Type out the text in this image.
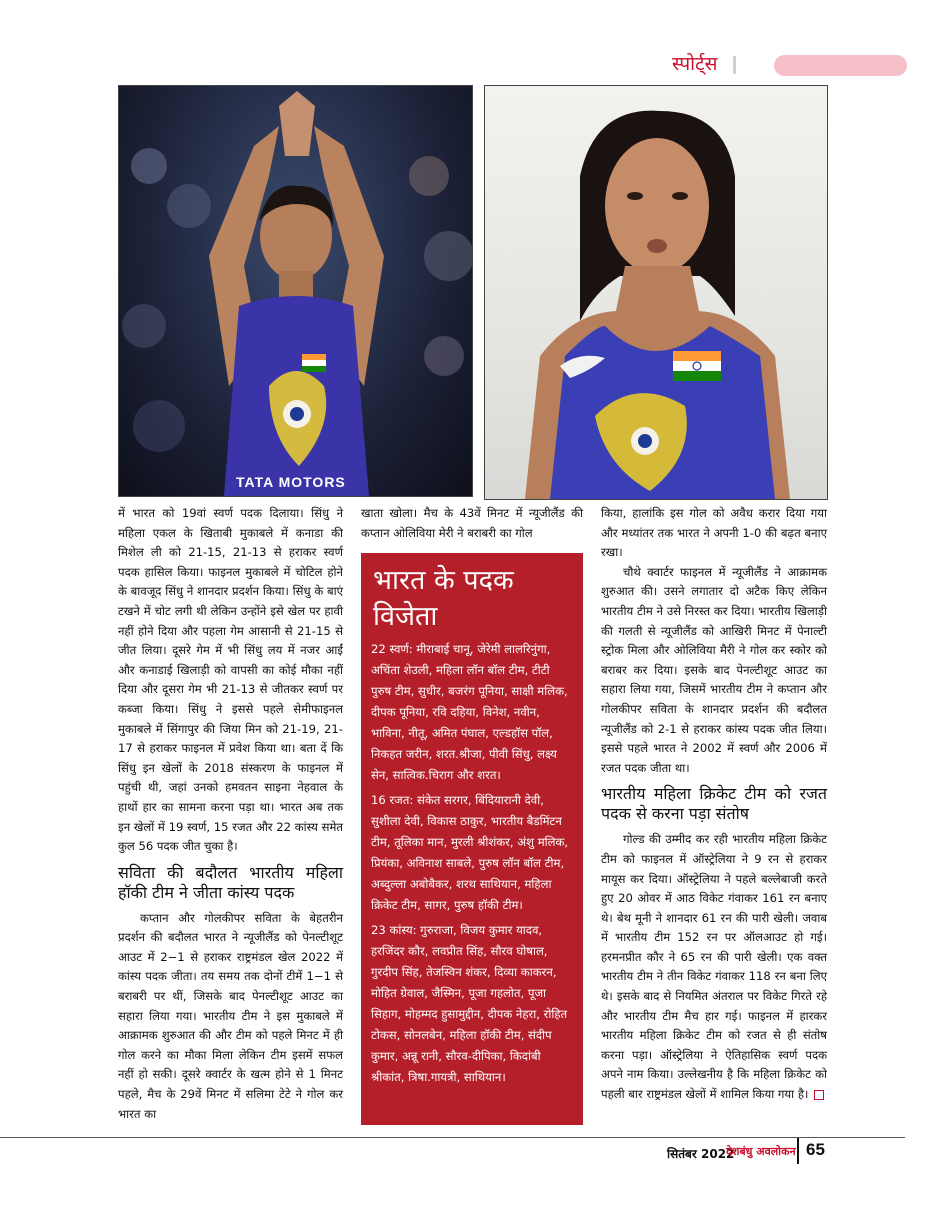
स्पोर्ट्स
TATA MOTORS

में भारत को 19वां स्वर्ण पदक दिलाया। सिंधु ने महिला एकल के खिताबी मुकाबले में कनाडा की मिशेल ली को 21-15, 21-13 से हराकर स्वर्ण पदक हासिल किया। फाइनल मुकाबले में चोटिल होने के बावजूद सिंधु ने शानदार प्रदर्शन किया। सिंधु के बाएं टखने में चोट लगी थी लेकिन उन्होंने इसे खेल पर हावी नहीं होने दिया और पहला गेम आसानी से 21-15 से जीत लिया। दूसरे गेम में भी सिंधु लय में नजर आईं और कनाडाई खिलाड़ी को वापसी का कोई मौका नहीं दिया और दूसरा गेम भी 21-13 से जीतकर स्वर्ण पर कब्जा किया। सिंधु ने इससे पहले सेमीफाइनल मुकाबले में सिंगापुर की जिया मिन को 21-19, 21-17 से हराकर फाइनल में प्रवेश किया था। बता दें कि सिंधु इन खेलों के 2018 संस्करण के फाइनल में पहुंची थी, जहां उनको हमवतन साइना नेहवाल के हाथों हार का सामना करना पड़ा था। भारत अब तक इन खेलों में 19 स्वर्ण, 15 रजत और 22 कांस्य समेत कुल 56 पदक जीत चुका है।

सविता की बदौलत भारतीय महिला हॉकी टीम ने जीता कांस्य पदक

कप्तान और गोलकीपर सविता के बेहतरीन प्रदर्शन की बदौलत भारत ने न्यूजीलैंड को पेनल्टीशूट आउट में 2−1 से हराकर राष्ट्रमंडल खेल 2022 में कांस्य पदक जीता। तय समय तक दोनों टीमें 1−1 से बराबरी पर थीं, जिसके बाद पेनल्टीशूट आउट का सहारा लिया गया। भारतीय टीम ने इस मुकाबले में आक्रामक शुरुआत की और टीम को पहले मिनट में ही गोल करने का मौका मिला लेकिन टीम इसमें सफल नहीं हो सकी। दूसरे क्वार्टर के खत्म होने से 1 मिनट पहले, मैच के 29वें मिनट में सलिमा टेटे ने गोल कर भारत का

खाता खोला। मैच के 43वें मिनट में न्यूजीलैंड की कप्तान ओलिविया मेरी ने बराबरी का गोल

भारत के पदक विजेता

22 स्वर्ण: मीराबाई चानू, जेरेमी लालरिनुंगा, अचिंता शेउली, महिला लॉन बॉल टीम, टीटी पुरुष टीम, सुधीर, बजरंग पूनिया, साक्षी मलिक, दीपक पूनिया, रवि दहिया, विनेश, नवीन, भाविना, नीतू, अमित पंघाल, एल्डहॉस पॉल, निकहत जरीन, शरत.श्रीजा, पीवी सिंधु, लक्ष्य सेन, सात्विक.चिराग और शरत।

16 रजत: संकेत सरगर, बिंदियारानी देवी, सुशीला देवी, विकास ठाकुर, भारतीय बैडमिंटन टीम, तूलिका मान, मुरली श्रीशंकर, अंशु मलिक, प्रियंका, अविनाश साबले, पुरुष लॉन बॉल टीम, अब्दुल्ला अबोबैकर, शरथ साथियान, महिला क्रिकेट टीम, सागर, पुरुष हॉकी टीम।

23 कांस्य: गुरुराजा, विजय कुमार यादव, हरजिंदर कौर, लवप्रीत सिंह, सौरव घोषाल, गुरदीप सिंह, तेजस्विन शंकर, दिव्या काकरन, मोहित ग्रेवाल, जैस्मिन, पूजा गहलोत, पूजा सिहाग, मोहम्मद हुसामुद्दीन, दीपक नेहरा, रोहित टोकस, सोनलबेन, महिला हॉकी टीम, संदीप कुमार, अन्नू रानी, सौरव-दीपिका, किदांबी श्रीकांत, त्रिषा.गायत्री, साथियान।

किया, हालांकि इस गोल को अवैध करार दिया गया और मध्यांतर तक भारत ने अपनी 1-0 की बढ़त बनाए रखा।

चौथे क्वार्टर फाइनल में न्यूजीलैंड ने आक्रामक शुरुआत की। उसने लगातार दो अटैक किए लेकिन भारतीय टीम ने उसे निरस्त कर दिया। भारतीय खिलाड़ी की गलती से न्यूजीलैंड को आखिरी मिनट में पेनाल्टी स्ट्रोक मिला और ओलिविया मैरी ने गोल कर स्कोर को बराबर कर दिया। इसके बाद पेनल्टीशूट आउट का सहारा लिया गया, जिसमें भारतीय टीम ने कप्तान और गोलकीपर सविता के शानदार प्रदर्शन की बदौलत न्यूजीलैंड को 2-1 से हराकर कांस्य पदक जीत लिया। इससे पहले भारत ने 2002 में स्वर्ण और 2006 में रजत पदक जीता था।

भारतीय महिला क्रिकेट टीम को रजत पदक से करना पड़ा संतोष

गोल्ड की उम्मीद कर रही भारतीय महिला क्रिकेट टीम को फाइनल में ऑस्ट्रेलिया ने 9 रन से हराकर मायूस कर दिया। ऑस्ट्रेलिया ने पहले बल्लेबाजी करते हुए 20 ओवर में आठ विकेट गंवाकर 161 रन बनाए थे। बेथ मूनी ने शानदार 61 रन की पारी खेली। जवाब में भारतीय टीम 152 रन पर ऑलआउट हो गई। हरमनप्रीत कौर ने 65 रन की पारी खेली। एक वक्त भारतीय टीम ने तीन विकेट गंवाकर 118 रन बना लिए थे। इसके बाद से नियमित अंतराल पर विकेट गिरते रहे और भारतीय टीम मैच हार गई। फाइनल में हारकर भारतीय महिला क्रिकेट टीम को रजत से ही संतोष करना पड़ा। ऑस्ट्रेलिया ने ऐतिहासिक स्वर्ण पदक अपने नाम किया। उल्लेखनीय है कि महिला क्रिकेट को पहली बार राष्ट्रमंडल खेलों में शामिल किया गया है।

सितंबर 2022
देशबंधु अवलोकन 65
